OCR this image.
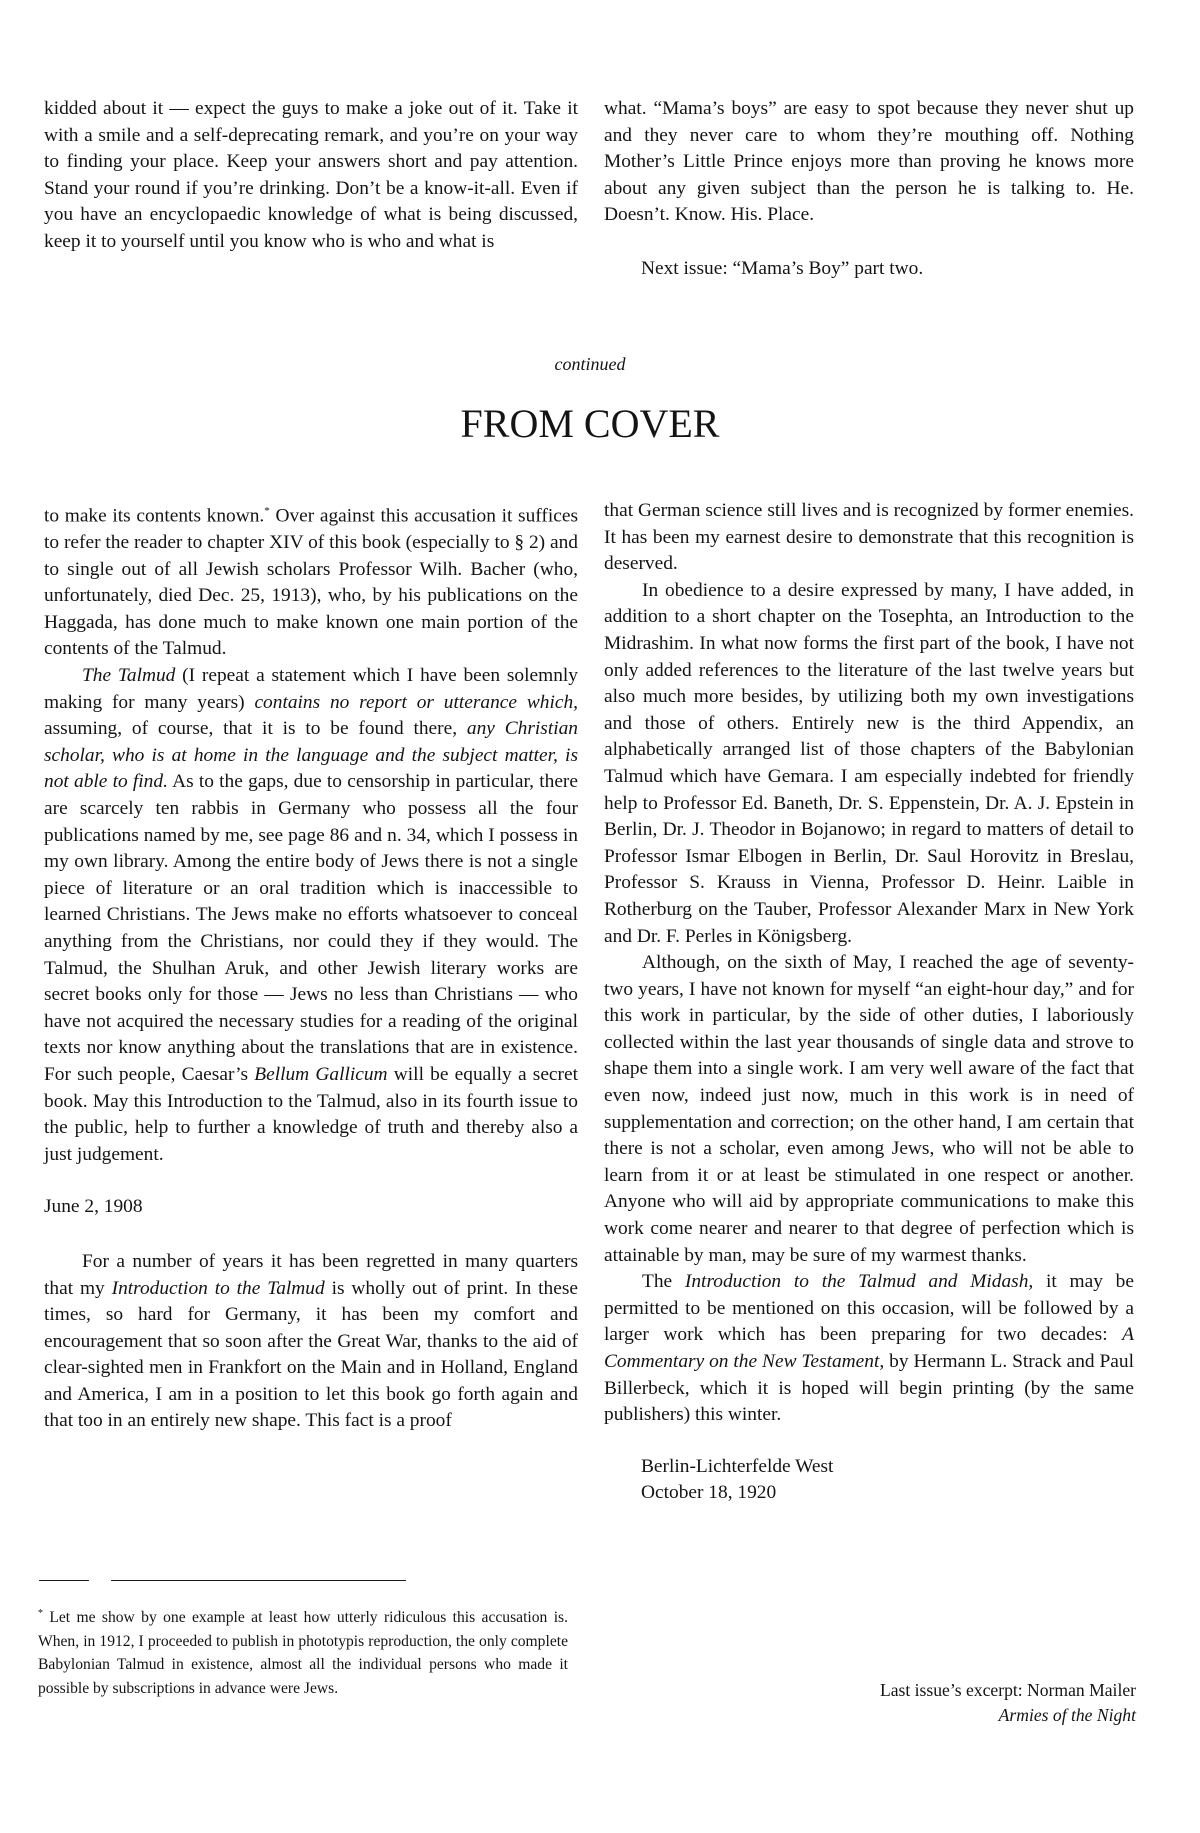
kidded about it — expect the guys to make a joke out of it. Take it with a smile and a self-deprecating remark, and you’re on your way to finding your place. Keep your answers short and pay attention. Stand your round if you’re drinking. Don’t be a know-it-all. Even if you have an encyclopaedic knowledge of what is being discussed, keep it to yourself until you know who is who and what is

what. “Mama’s boys” are easy to spot because they never shut up and they never care to whom they’re mouthing off. Nothing Mother’s Little Prince enjoys more than proving he knows more about any given subject than the person he is talking to. He. Doesn’t. Know. His. Place.

Next issue: “Mama’s Boy” part two.

continued
FROM COVER

to make its contents known.* Over against this accusation it suffices to refer the reader to chapter XIV of this book (especially to § 2) and to single out of all Jewish scholars Professor Wilh. Bacher (who, unfortunately, died Dec. 25, 1913), who, by his publications on the Haggada, has done much to make known one main portion of the contents of the Talmud.

The Talmud (I repeat a statement which I have been solemnly making for many years) contains no report or utterance which, assuming, of course, that it is to be found there, any Christian scholar, who is at home in the language and the subject matter, is not able to find. As to the gaps, due to censorship in particular, there are scarcely ten rabbis in Germany who possess all the four publications named by me, see page 86 and n. 34, which I possess in my own library. Among the entire body of Jews there is not a single piece of literature or an oral tradition which is inaccessible to learned Christians. The Jews make no efforts whatsoever to conceal anything from the Christians, nor could they if they would. The Talmud, the Shulhan Aruk, and other Jewish literary works are secret books only for those — Jews no less than Christians — who have not acquired the necessary studies for a reading of the original texts nor know anything about the translations that are in existence. For such people, Caesar’s Bellum Gallicum will be equally a secret book. May this Introduction to the Talmud, also in its fourth issue to the public, help to further a knowledge of truth and thereby also a just judgement.

June 2, 1908

For a number of years it has been regretted in many quarters that my Introduction to the Talmud is wholly out of print. In these times, so hard for Germany, it has been my comfort and encouragement that so soon after the Great War, thanks to the aid of clear-sighted men in Frankfort on the Main and in Holland, England and America, I am in a position to let this book go forth again and that too in an entirely new shape. This fact is a proof

* Let me show by one example at least how utterly ridiculous this accusation is. When, in 1912, I proceeded to publish in phototypis reproduction, the only complete Babylonian Talmud in existence, almost all the individual persons who made it possible by subscriptions in advance were Jews.

that German science still lives and is recognized by former enemies. It has been my earnest desire to demonstrate that this recognition is deserved.

In obedience to a desire expressed by many, I have added, in addition to a short chapter on the Tosephta, an Introduction to the Midrashim. In what now forms the first part of the book, I have not only added references to the literature of the last twelve years but also much more besides, by utilizing both my own investigations and those of others. Entirely new is the third Appendix, an alphabetically arranged list of those chapters of the Babylonian Talmud which have Gemara. I am especially indebted for friendly help to Professor Ed. Baneth, Dr. S. Eppenstein, Dr. A. J. Epstein in Berlin, Dr. J. Theodor in Bojanowo; in regard to matters of detail to Professor Ismar Elbogen in Berlin, Dr. Saul Horovitz in Breslau, Professor S. Krauss in Vienna, Professor D. Heinr. Laible in Rotherburg on the Tauber, Professor Alexander Marx in New York and Dr. F. Perles in Königsberg.

Although, on the sixth of May, I reached the age of seventy-two years, I have not known for myself “an eight-hour day,” and for this work in particular, by the side of other duties, I laboriously collected within the last year thousands of single data and strove to shape them into a single work. I am very well aware of the fact that even now, indeed just now, much in this work is in need of supplementation and correction; on the other hand, I am certain that there is not a scholar, even among Jews, who will not be able to learn from it or at least be stimulated in one respect or another. Anyone who will aid by appropriate communications to make this work come nearer and nearer to that degree of perfection which is attainable by man, may be sure of my warmest thanks.

The Introduction to the Talmud and Midash, it may be permitted to be mentioned on this occasion, will be followed by a larger work which has been preparing for two decades: A Commentary on the New Testament, by Hermann L. Strack and Paul Billerbeck, which it is hoped will begin printing (by the same publishers) this winter.

Berlin-Lichterfelde West

October 18, 1920

Last issue’s excerpt: Norman Mailer
Armies of the Night
